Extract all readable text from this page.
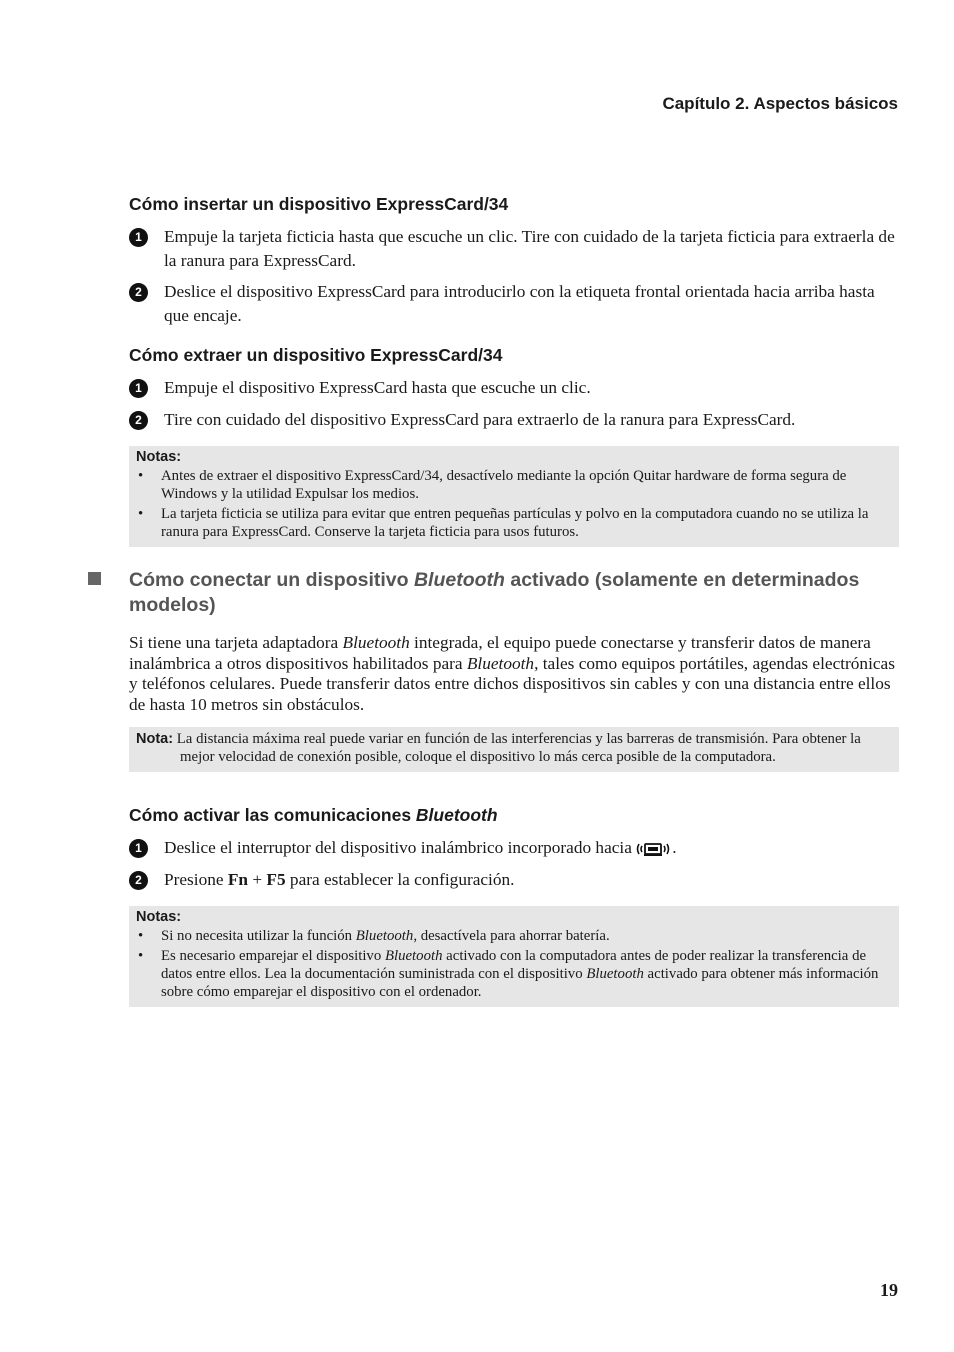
Capítulo 2. Aspectos básicos
Cómo insertar un dispositivo ExpressCard/34
1	Empuje la tarjeta ficticia hasta que escuche un clic. Tire con cuidado de la tarjeta ficticia para extraerla de la ranura para ExpressCard.
2	Deslice el dispositivo ExpressCard para introducirlo con la etiqueta frontal orientada hacia arriba hasta que encaje.
Cómo extraer un dispositivo ExpressCard/34
1	Empuje el dispositivo ExpressCard hasta que escuche un clic.
2	Tire con cuidado del dispositivo ExpressCard para extraerlo de la ranura para ExpressCard.
Notas:
• Antes de extraer el dispositivo ExpressCard/34, desactívelo mediante la opción Quitar hardware de forma segura de Windows y la utilidad Expulsar los medios.
• La tarjeta ficticia se utiliza para evitar que entren pequeñas partículas y polvo en la computadora cuando no se utiliza la ranura para ExpressCard. Conserve la tarjeta ficticia para usos futuros.
Cómo conectar un dispositivo Bluetooth activado (solamente en determinados modelos)
Si tiene una tarjeta adaptadora Bluetooth integrada, el equipo puede conectarse y transferir datos de manera inalámbrica a otros dispositivos habilitados para Bluetooth, tales como equipos portátiles, agendas electrónicas y teléfonos celulares. Puede transferir datos entre dichos dispositivos sin cables y con una distancia entre ellos de hasta 10 metros sin obstáculos.
Nota: La distancia máxima real puede variar en función de las interferencias y las barreras de transmisión. Para obtener la mejor velocidad de conexión posible, coloque el dispositivo lo más cerca posible de la computadora.
Cómo activar las comunicaciones Bluetooth
1	Deslice el interruptor del dispositivo inalámbrico incorporado hacia .
2	Presione Fn + F5 para establecer la configuración.
Notas:
• Si no necesita utilizar la función Bluetooth, desactívela para ahorrar batería.
• Es necesario emparejar el dispositivo Bluetooth activado con la computadora antes de poder realizar la transferencia de datos entre ellos. Lea la documentación suministrada con el dispositivo Bluetooth activado para obtener más información sobre cómo emparejar el dispositivo con el ordenador.
19
